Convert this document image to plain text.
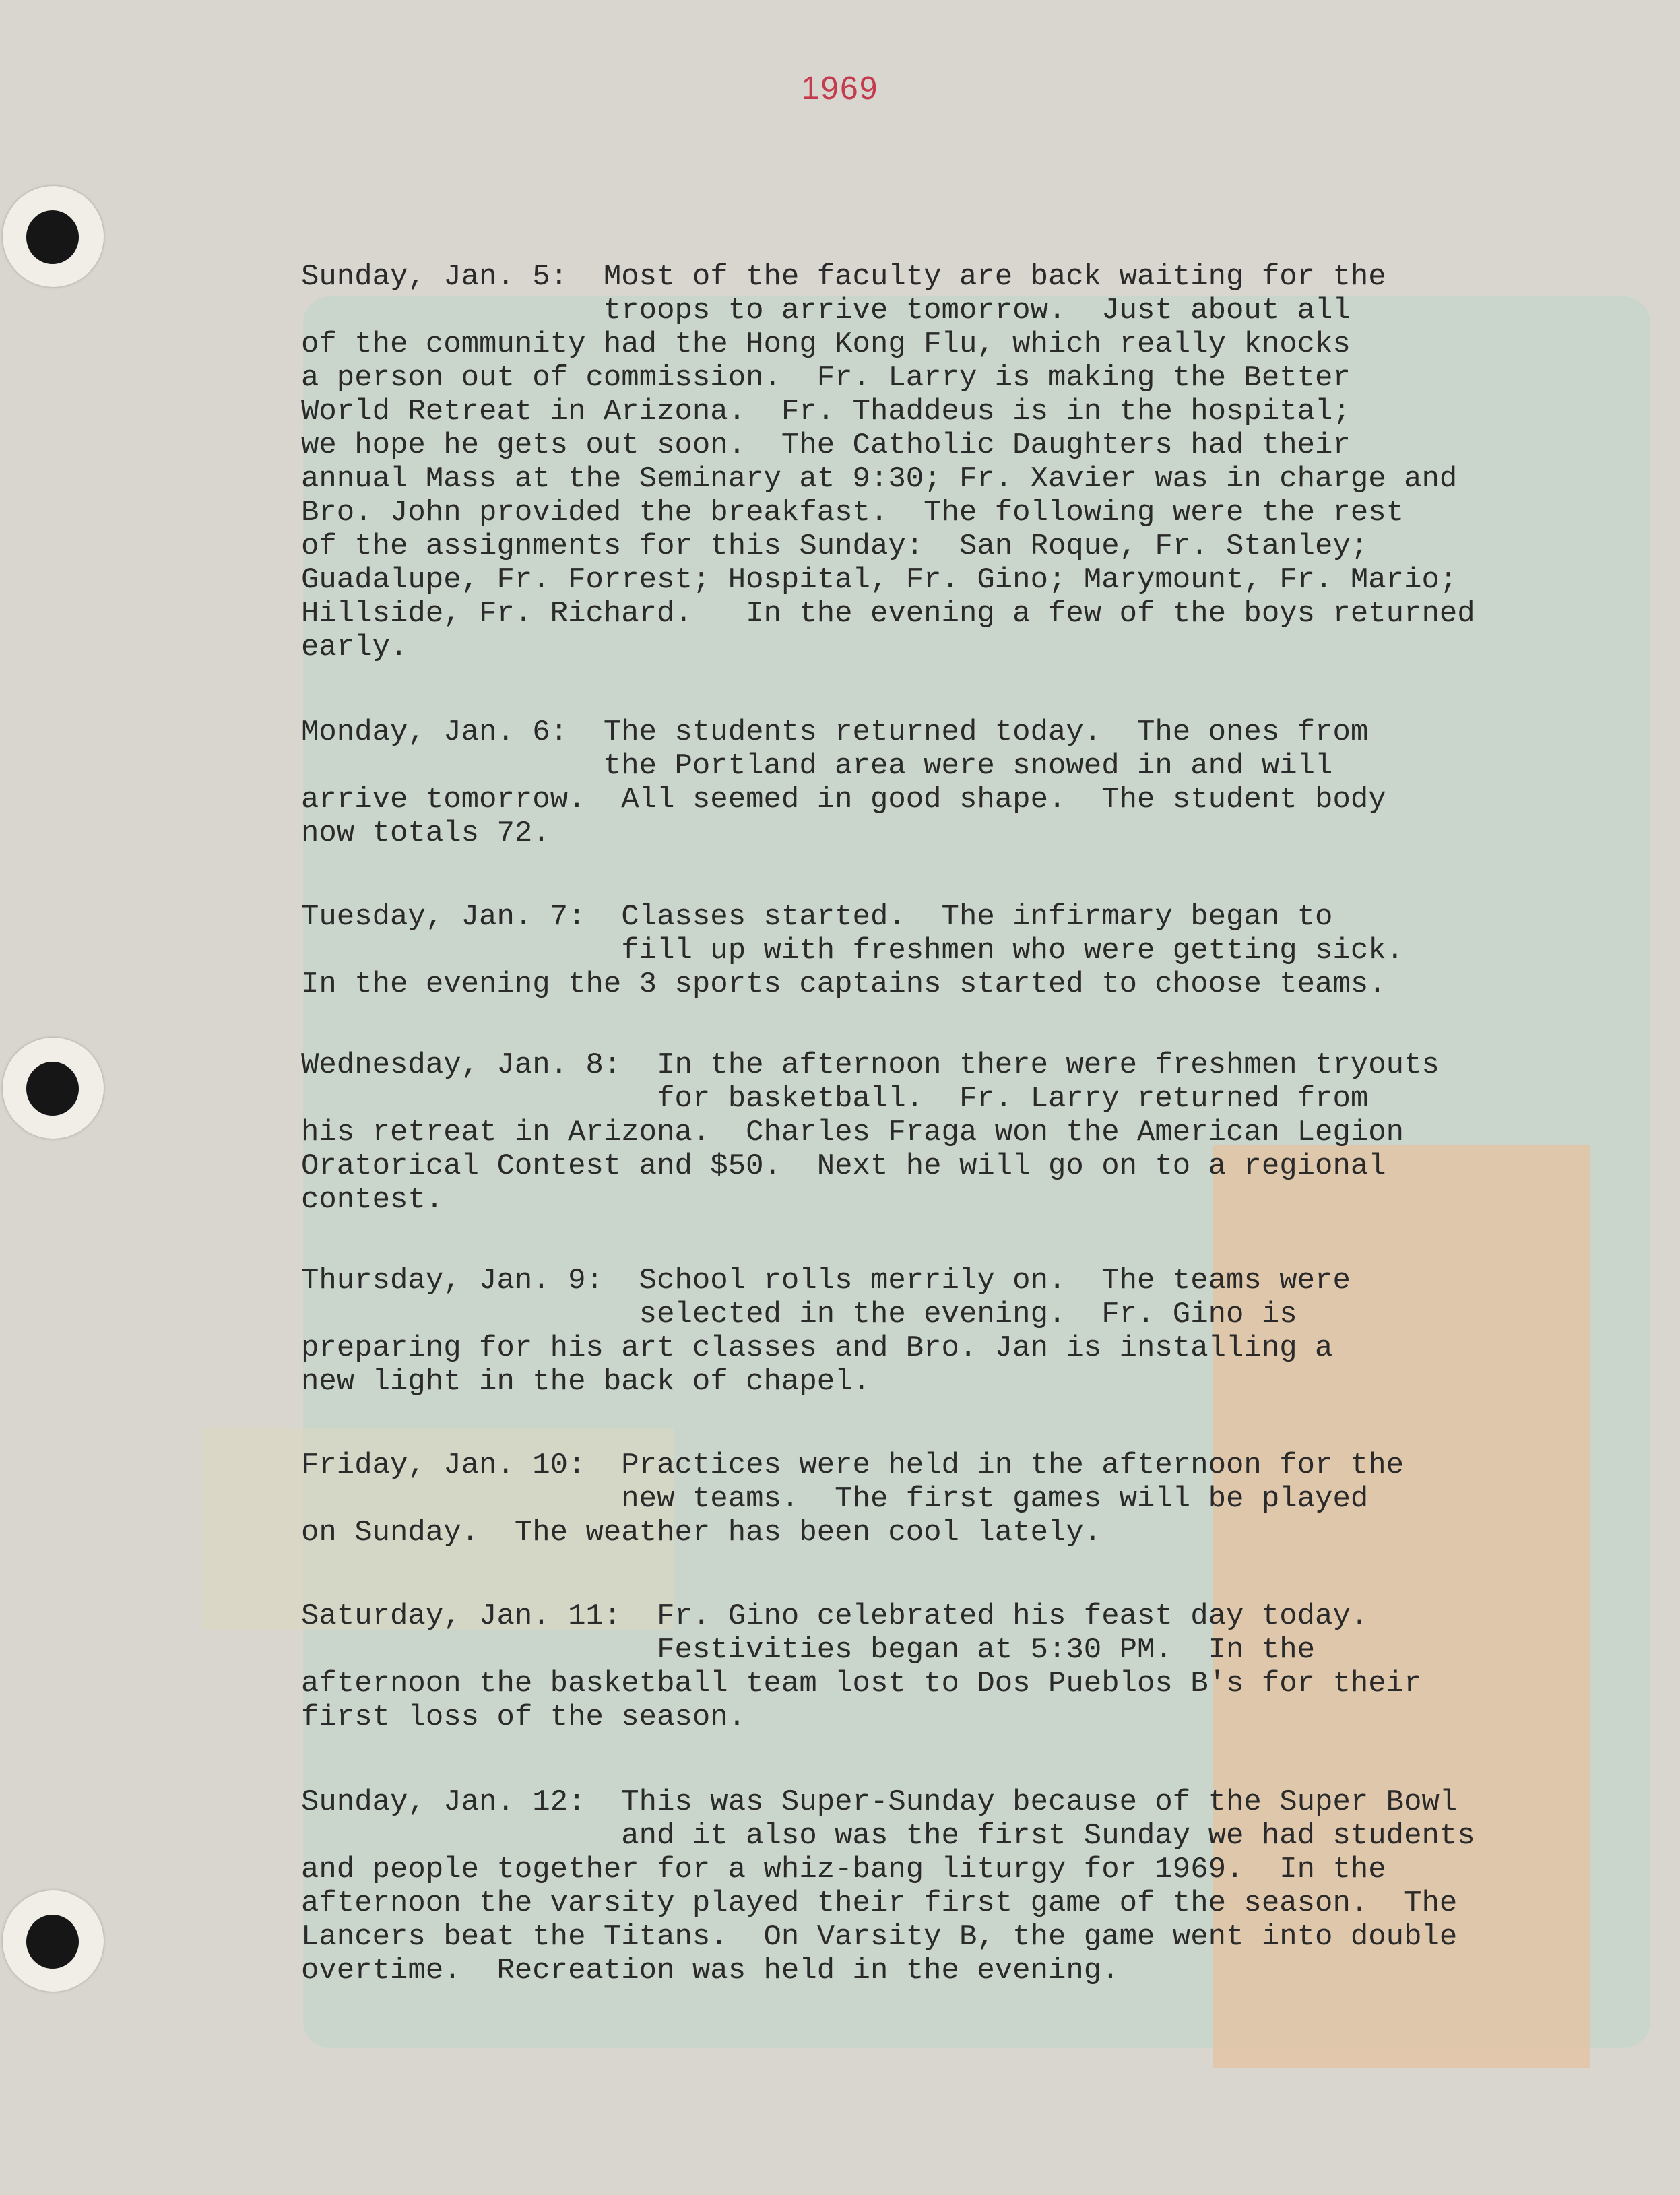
1969
Sunday, Jan. 5:  Most of the faculty are back waiting for the
troops to arrive tomorrow.  Just about all
of the community had the Hong Kong Flu, which really knocks
a person out of commission.  Fr. Larry is making the Better
World Retreat in Arizona.  Fr. Thaddeus is in the hospital;
we hope he gets out soon.  The Catholic Daughters had their
annual Mass at the Seminary at 9:30; Fr. Xavier was in charge and
Bro. John provided the breakfast.  The following were the rest
of the assignments for this Sunday:  San Roque, Fr. Stanley;
Guadalupe, Fr. Forrest; Hospital, Fr. Gino; Marymount, Fr. Mario;
Hillside, Fr. Richard.   In the evening a few of the boys returned
early.
Monday, Jan. 6:  The students returned today.  The ones from
the Portland area were snowed in and will
arrive tomorrow.  All seemed in good shape.  The student body
now totals 72.
Tuesday, Jan. 7:  Classes started.  The infirmary began to
fill up with freshmen who were getting sick.
In the evening the 3 sports captains started to choose teams.
Wednesday, Jan. 8:  In the afternoon there were freshmen tryouts
for basketball.  Fr. Larry returned from
his retreat in Arizona.  Charles Fraga won the American Legion
Oratorical Contest and $50.  Next he will go on to a regional
contest.
Thursday, Jan. 9:  School rolls merrily on.  The teams were
selected in the evening.  Fr. Gino is
preparing for his art classes and Bro. Jan is installing a
new light in the back of chapel.
Friday, Jan. 10:  Practices were held in the afternoon for the
new teams.  The first games will be played
on Sunday.  The weather has been cool lately.
Saturday, Jan. 11:  Fr. Gino celebrated his feast day today.
Festivities began at 5:30 PM.  In the
afternoon the basketball team lost to Dos Pueblos B's for their
first loss of the season.
Sunday, Jan. 12:  This was Super-Sunday because of the Super Bowl
and it also was the first Sunday we had students
and people together for a whiz-bang liturgy for 1969.  In the
afternoon the varsity played their first game of the season.  The
Lancers beat the Titans.  On Varsity B, the game went into double
overtime.  Recreation was held in the evening.
